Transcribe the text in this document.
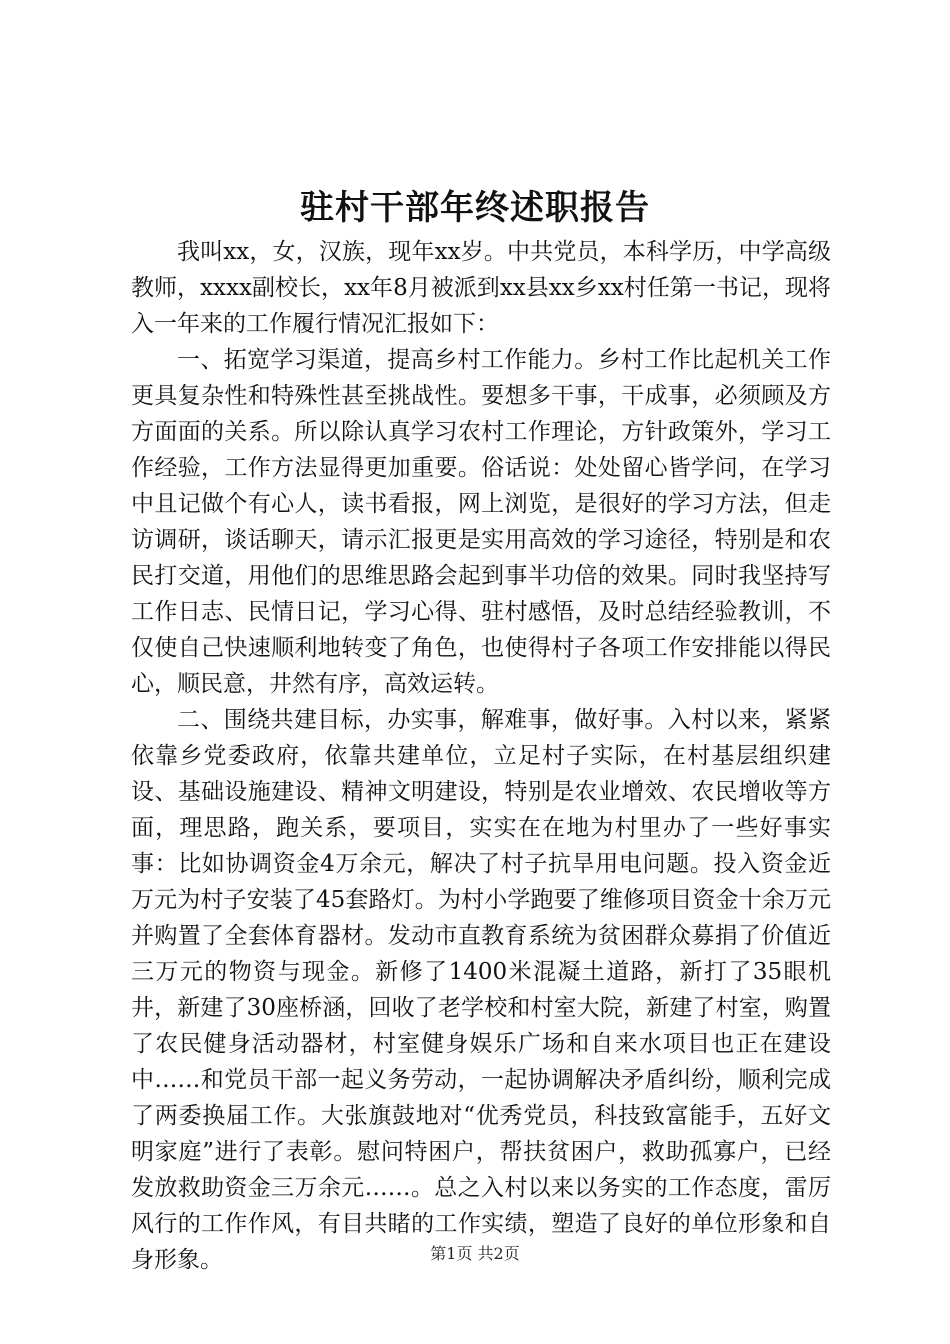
驻村干部年终述职报告

我叫xx，女，汉族，现年xx岁。中共党员，本科学历，中学高级教师，xxxx副校长，xx年8月被派到xx县xx乡xx村任第一书记，现将入一年来的工作履行情况汇报如下：

一、拓宽学习渠道，提高乡村工作能力。乡村工作比起机关工作更具复杂性和特殊性甚至挑战性。要想多干事，干成事，必须顾及方方面面的关系。所以除认真学习农村工作理论，方针政策外，学习工作经验，工作方法显得更加重要。俗话说：处处留心皆学问，在学习中且记做个有心人，读书看报，网上浏览，是很好的学习方法，但走访调研，谈话聊天，请示汇报更是实用高效的学习途径，特别是和农民打交道，用他们的思维思路会起到事半功倍的效果。同时我坚持写工作日志、民情日记，学习心得、驻村感悟，及时总结经验教训，不仅使自己快速顺利地转变了角色，也使得村子各项工作安排能以得民心，顺民意，井然有序，高效运转。

二、围绕共建目标，办实事，解难事，做好事。入村以来，紧紧依靠乡党委政府，依靠共建单位，立足村子实际，在村基层组织建设、基础设施建设、精神文明建设，特别是农业增效、农民增收等方面，理思路，跑关系，要项目，实实在在地为村里办了一些好事实事：比如协调资金4万余元，解决了村子抗旱用电问题。投入资金近万元为村子安装了45套路灯。为村小学跑要了维修项目资金十余万元并购置了全套体育器材。发动市直教育系统为贫困群众募捐了价值近三万元的物资与现金。新修了1400米混凝土道路，新打了35眼机井，新建了30座桥涵，回收了老学校和村室大院，新建了村室，购置了农民健身活动器材，村室健身娱乐广场和自来水项目也正在建设中……和党员干部一起义务劳动，一起协调解决矛盾纠纷，顺利完成了两委换届工作。大张旗鼓地对“优秀党员，科技致富能手，五好文明家庭”进行了表彰。慰问特困户，帮扶贫困户，救助孤寡户，已经发放救助资金三万余元……。总之入村以来以务实的工作态度，雷厉风行的工作作风，有目共睹的工作实绩，塑造了良好的单位形象和自身形象。	第1页 共2页
